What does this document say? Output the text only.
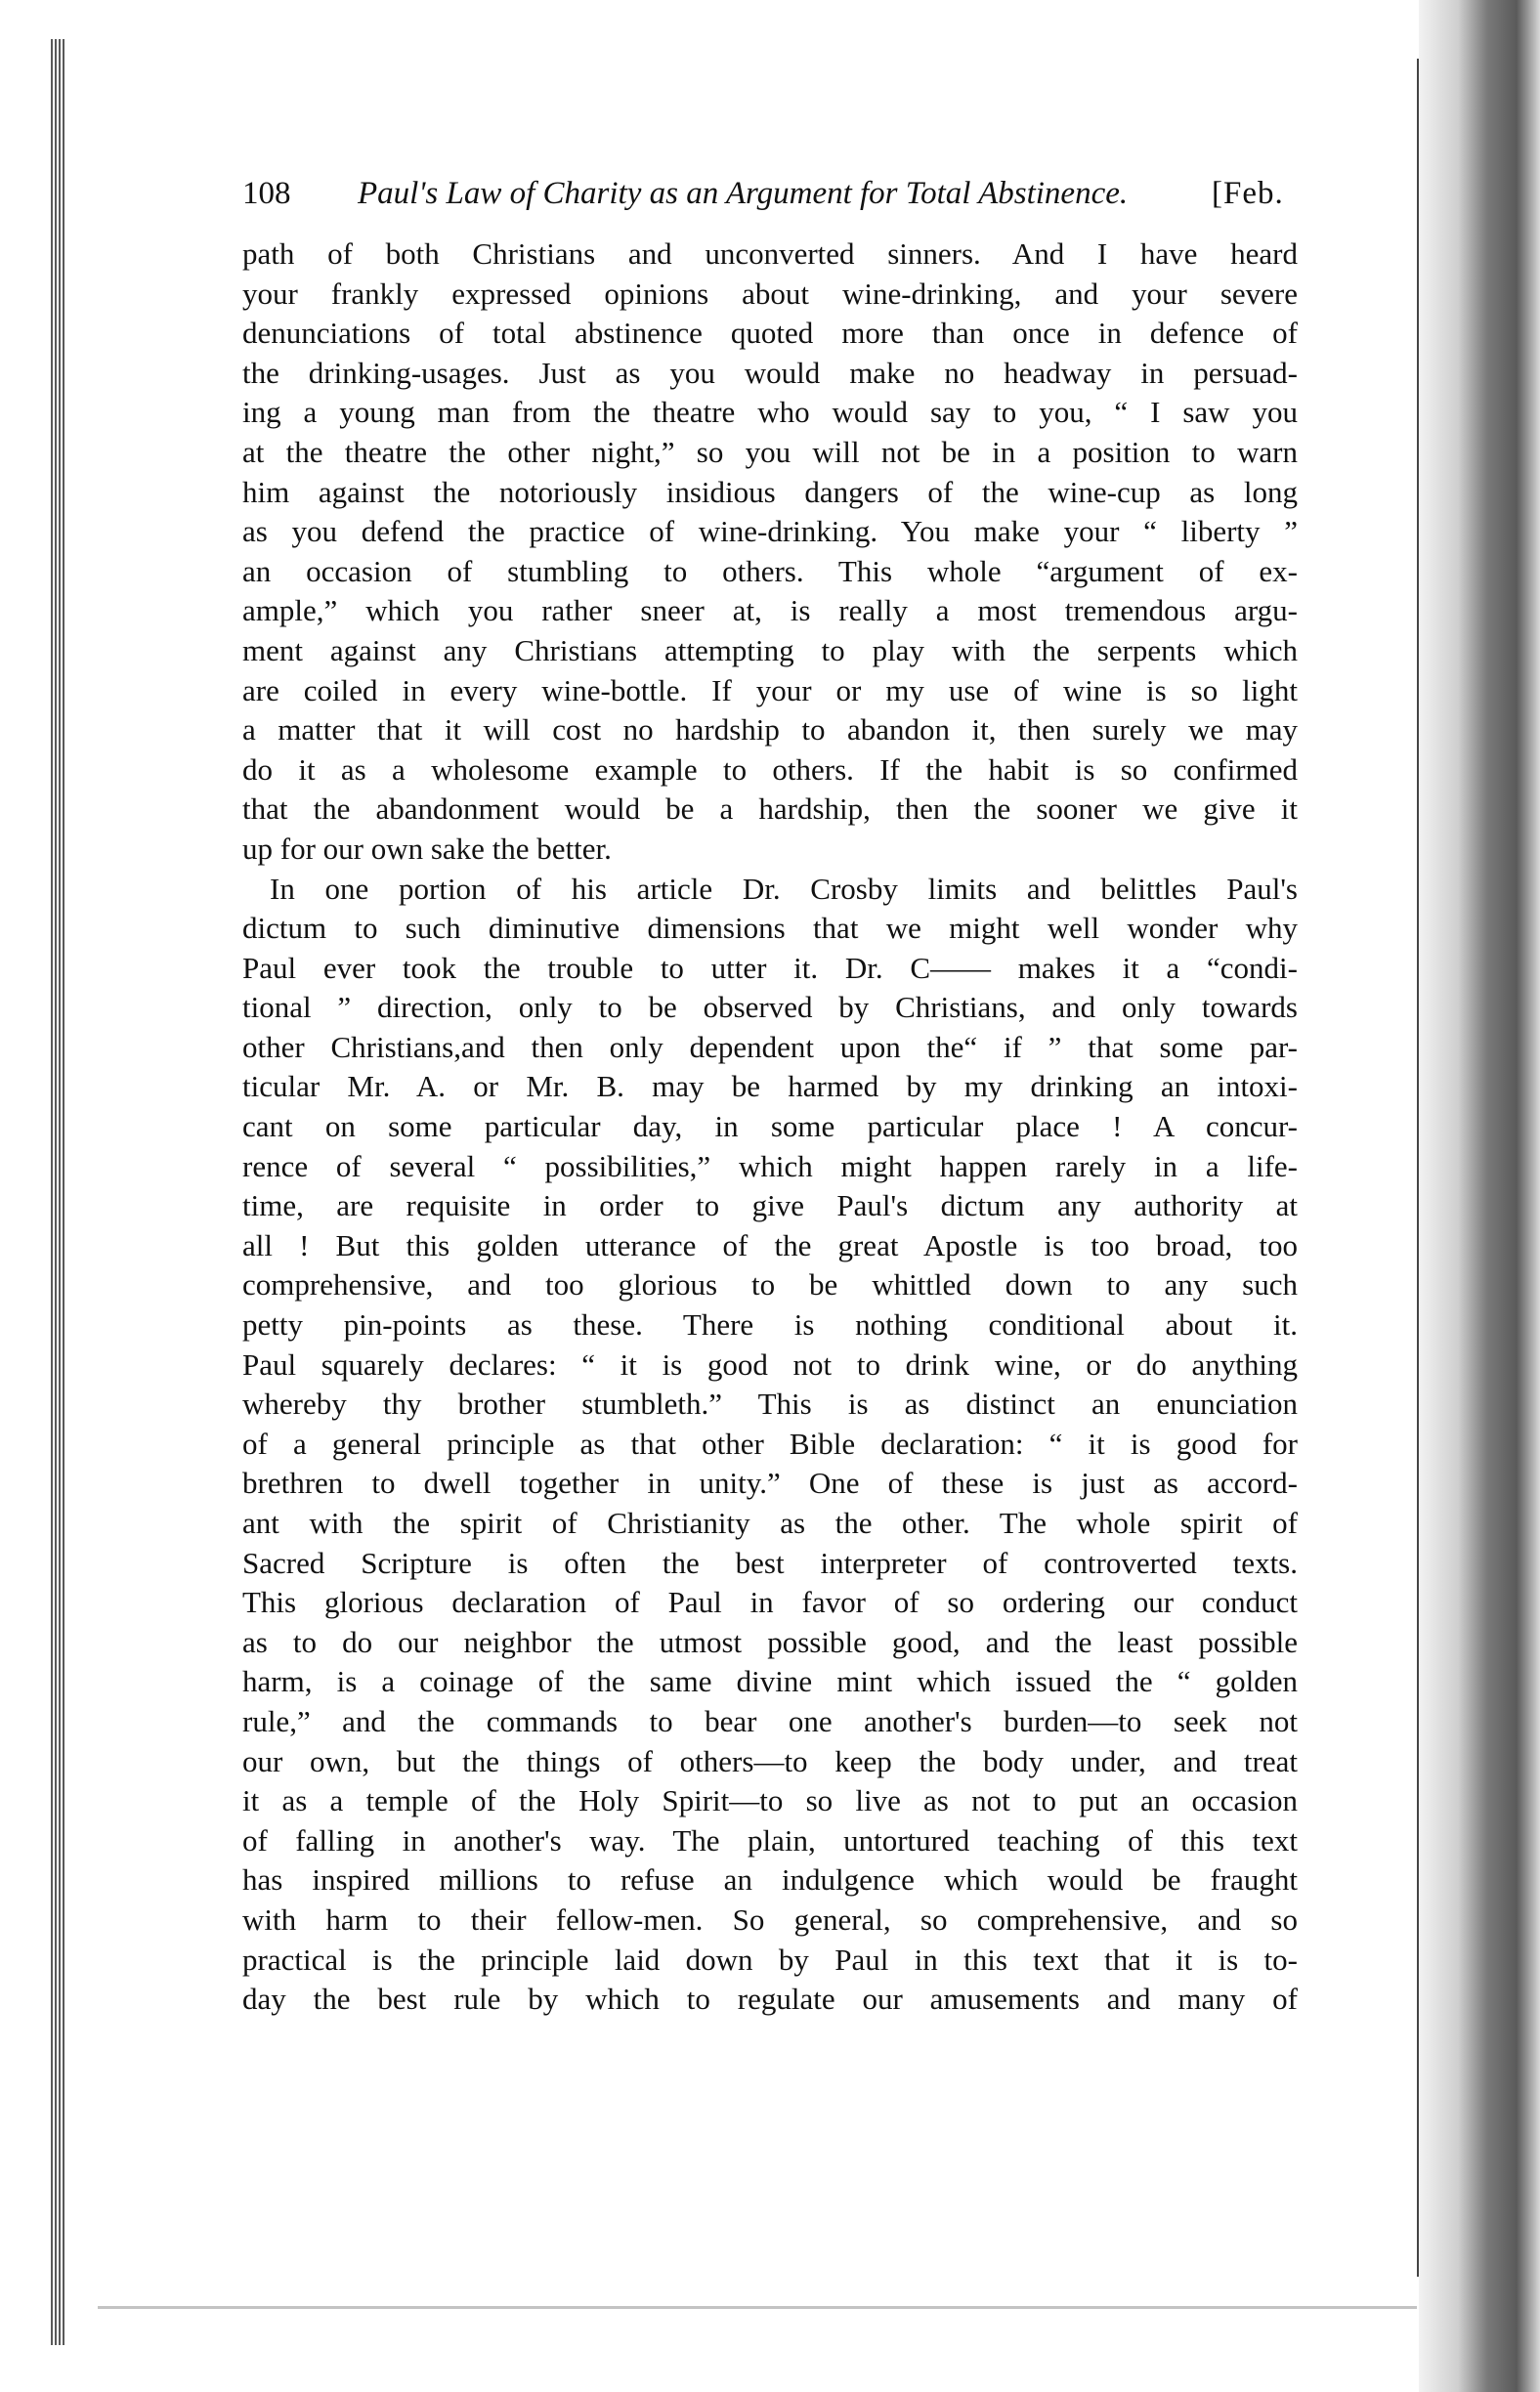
108 Paul's Law of Charity as an Argument for Total Abstinence.	[Feb.
path of both Christians and unconverted sinners. And I have heard
your frankly expressed opinions about wine-drinking, and your severe
denunciations of total abstinence quoted more than once in defence of
the drinking-usages. Just as you would make no headway in persuad-
ing a young man from the theatre who would say to you, “ I saw you
at the theatre the other night,” so you will not be in a position to warn
him against the notoriously insidious dangers of the wine-cup as long
as you defend the practice of wine-drinking. You make your “ liberty ”
an occasion of stumbling to others. This whole “argument of ex-
ample,” which you rather sneer at, is really a most tremendous argu-
ment against any Christians attempting to play with the serpents which
are coiled in every wine-bottle. If your or my use of wine is so light
a matter that it will cost no hardship to abandon it, then surely we may
do it as a wholesome example to others. If the habit is so confirmed
that the abandonment would be a hardship, then the sooner we give it
up for our own sake the better.
In one portion of his article Dr. Crosby limits and belittles Paul's
dictum to such diminutive dimensions that we might well wonder why
Paul ever took the trouble to utter it. Dr. C—— makes it a “condi-
tional ” direction, only to be observed by Christians, and only towards
other Christians,and then only dependent upon the“ if ” that some par-
ticular Mr. A. or Mr. B. may be harmed by my drinking an intoxi-
cant on some particular day, in some particular place ! A concur-
rence of several “ possibilities,” which might happen rarely in a life-
time, are requisite in order to give Paul's dictum any authority at
all ! But this golden utterance of the great Apostle is too broad, too
comprehensive, and too glorious to be whittled down to any such
petty pin-points as these. There is nothing conditional about it.
Paul squarely declares: “ it is good not to drink wine, or do anything
whereby thy brother stumbleth.” This is as distinct an enunciation
of a general principle as that other Bible declaration: “ it is good for
brethren to dwell together in unity.” One of these is just as accord-
ant with the spirit of Christianity as the other. The whole spirit of
Sacred Scripture is often the best interpreter of controverted texts.
This glorious declaration of Paul in favor of so ordering our conduct
as to do our neighbor the utmost possible good, and the least possible
harm, is a coinage of the same divine mint which issued the “ golden
rule,” and the commands to bear one another's burden—to seek not
our own, but the things of others—to keep the body under, and treat
it as a temple of the Holy Spirit—to so live as not to put an occasion
of falling in another's way. The plain, untortured teaching of this text
has inspired millions to refuse an indulgence which would be fraught
with harm to their fellow-men. So general, so comprehensive, and so
practical is the principle laid down by Paul in this text that it is to-
day the best rule by which to regulate our amusements and many of
